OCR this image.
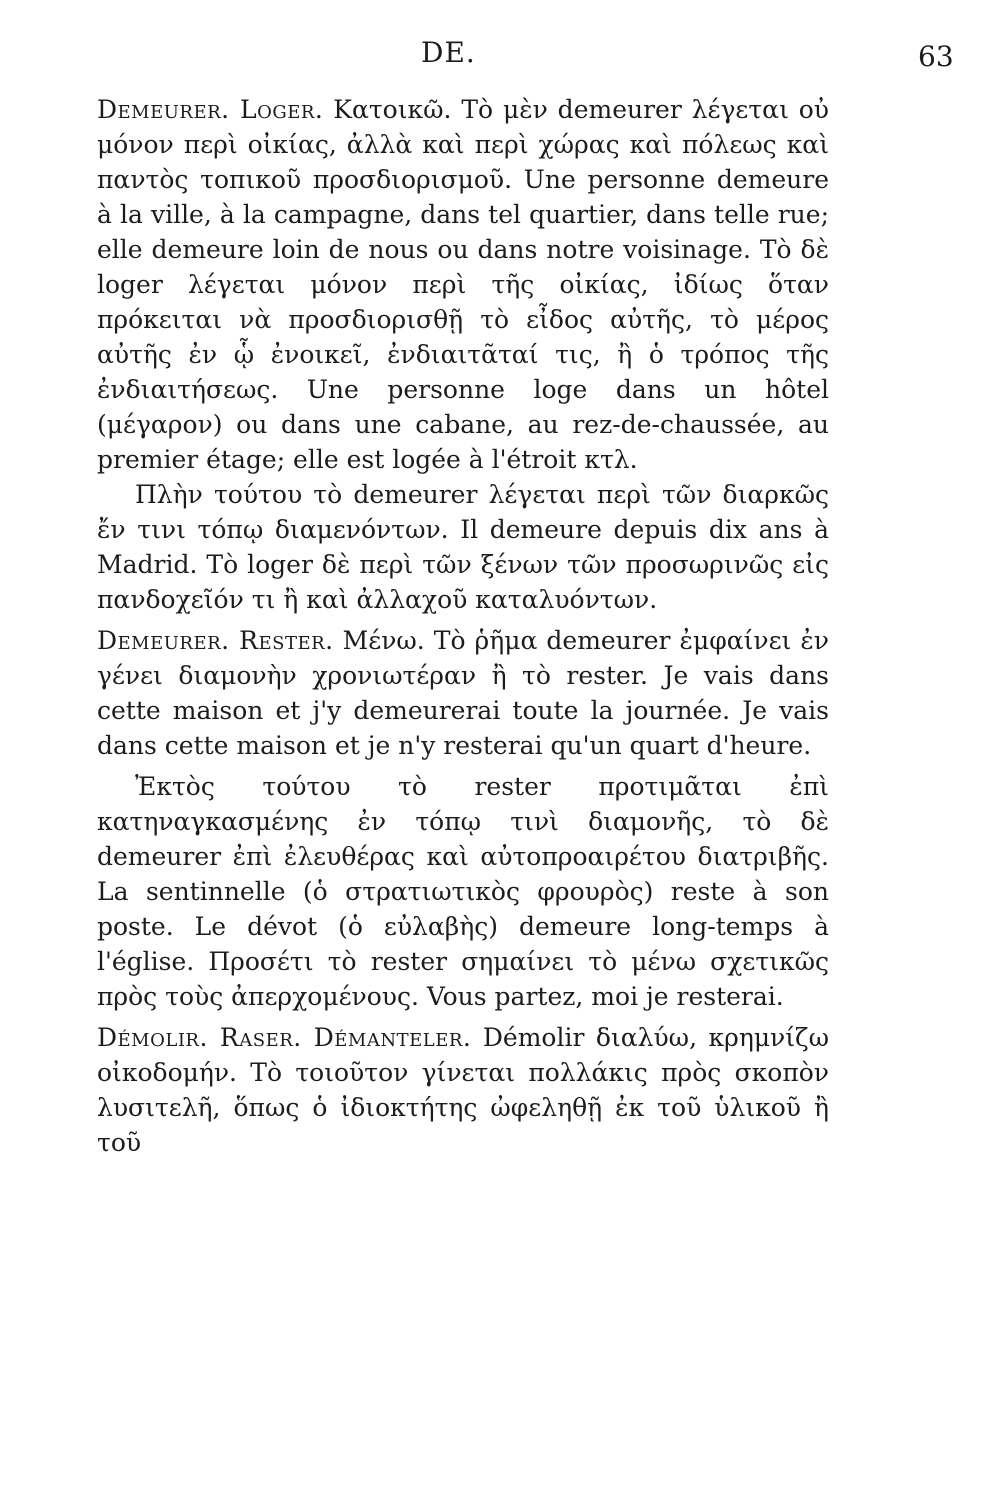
DE.	63

Demeurer. Loger. Κατοικῶ. Τὸ μὲν demeurer λέγεται οὐ μόνον περὶ οἰκίας, ἀλλὰ καὶ περὶ χώρας καὶ πόλεως καὶ παντὸς τοπικοῦ προσδιορισμοῦ. Une personne demeure à la ville, à la campagne, dans tel quartier, dans telle rue; elle demeure loin de nous ou dans notre voisinage. Τὸ δὲ loger λέγεται μόνον περὶ τῆς οἰκίας, ἰδίως ὅταν πρόκειται νὰ προσδιορισθῇ τὸ εἶδος αὐτῆς, τὸ μέρος αὐτῆς ἐν ᾧ ἐνοικεῖ, ἐνδιαιτᾶταί τις, ἢ ὁ τρόπος τῆς ἐνδιαιτήσεως. Une personne loge dans un hôtel (μέγαρον) ou dans une cabane, au rez-de-chaussée, au premier étage; elle est logée à l'étroit κτλ.

Πλὴν τούτου τὸ demeurer λέγεται περὶ τῶν διαρκῶς ἔν τινι τόπῳ διαμενόντων. Il demeure depuis dix ans à Madrid. Τὸ loger δὲ περὶ τῶν ξένων τῶν προσωρινῶς εἰς πανδοχεῖόν τι ἢ καὶ ἀλλαχοῦ καταλυόντων.

Demeurer. Rester. Μένω. Τὸ ῥῆμα demeurer ἐμφαίνει ἐν γένει διαμονὴν χρονιωτέραν ἢ τὸ rester. Je vais dans cette maison et j'y demeurerai toute la journée. Je vais dans cette maison et je n'y resterai qu'un quart d'heure.

Ἐκτὸς τούτου τὸ rester προτιμᾶται ἐπὶ κατηναγκασμένης ἐν τόπῳ τινὶ διαμονῆς, τὸ δὲ demeurer ἐπὶ ἐλευθέρας καὶ αὐτοπροαιρέτου διατριβῆς. La sentinnelle (ὁ στρατιωτικὸς φρουρὸς) reste à son poste. Le dévot (ὁ εὐλαβὴς) demeure long-temps à l'église. Προσέτι τὸ rester σημαίνει τὸ μένω σχετικῶς πρὸς τοὺς ἀπερχομένους. Vous partez, moi je resterai.

Démolir. Raser. Démanteler. Démolir διαλύω, κρημνίζω οἰκοδομήν. Τὸ τοιοῦτον γίνεται πολλάκις πρὸς σκοπὸν λυσιτελῆ, ὅπως ὁ ἰδιοκτήτης ὠφεληθῇ ἐκ τοῦ ὑλικοῦ ἢ τοῦ
